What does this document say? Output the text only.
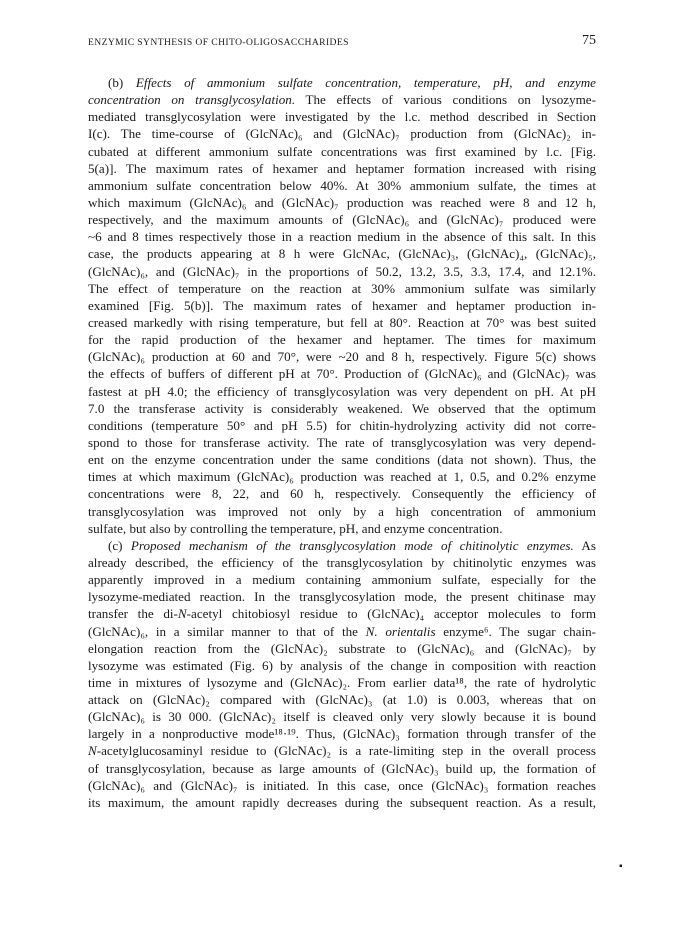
ENZYMIC SYNTHESIS OF CHITO-OLIGOSACCHARIDES	75
(b) Effects of ammonium sulfate concentration, temperature, pH, and enzyme
concentration on transglycosylation. The effects of various conditions on lysozyme-
mediated transglycosylation were investigated by the l.c. method described in Section
I(c). The time-course of (GlcNAc)₆ and (GlcNAc)₇ production from (GlcNAc)₂ in-
cubated at different ammonium sulfate concentrations was first examined by l.c. [Fig.
5(a)]. The maximum rates of hexamer and heptamer formation increased with rising
ammonium sulfate concentration below 40%. At 30% ammonium sulfate, the times at
which maximum (GlcNAc)₆ and (GlcNAc)₇ production was reached were 8 and 12 h,
respectively, and the maximum amounts of (GlcNAc)₆ and (GlcNAc)₇ produced were
~6 and 8 times respectively those in a reaction medium in the absence of this salt. In this
case, the products appearing at 8 h were GlcNAc, (GlcNAc)₃, (GlcNAc)₄, (GlcNAc)₅,
(GlcNAc)₆, and (GlcNAc)₇ in the proportions of 50.2, 13.2, 3.5, 3.3, 17.4, and 12.1%.
The effect of temperature on the reaction at 30% ammonium sulfate was similarly
examined [Fig. 5(b)]. The maximum rates of hexamer and heptamer production in-
creased markedly with rising temperature, but fell at 80°. Reaction at 70° was best suited
for the rapid production of the hexamer and heptamer. The times for maximum
(GlcNAc)₆ production at 60 and 70°, were ~20 and 8 h, respectively. Figure 5(c) shows
the effects of buffers of different pH at 70°. Production of (GlcNAc)₆ and (GlcNAc)₇ was
fastest at pH 4.0; the efficiency of transglycosylation was very dependent on pH. At pH
7.0 the transferase activity is considerably weakened. We observed that the optimum
conditions (temperature 50° and pH 5.5) for chitin-hydrolyzing activity did not corre-
spond to those for transferase activity. The rate of transglycosylation was very depend-
ent on the enzyme concentration under the same conditions (data not shown). Thus, the
times at which maximum (GlcNAc)₆ production was reached at 1, 0.5, and 0.2% enzyme
concentrations were 8, 22, and 60 h, respectively. Consequently the efficiency of
transglycosylation was improved not only by a high concentration of ammonium
sulfate, but also by controlling the temperature, pH, and enzyme concentration.
(c) Proposed mechanism of the transglycosylation mode of chitinolytic enzymes. As
already described, the efficiency of the transglycosylation by chitinolytic enzymes was
apparently improved in a medium containing ammonium sulfate, especially for the
lysozyme-mediated reaction. In the transglycosylation mode, the present chitinase may
transfer the di-N-acetyl chitobiosyl residue to (GlcNAc)₄ acceptor molecules to form
(GlcNAc)₆, in a similar manner to that of the N. orientalis enzyme⁶. The sugar chain-
elongation reaction from the (GlcNAc)₂ substrate to (GlcNAc)₆ and (GlcNAc)₇ by
lysozyme was estimated (Fig. 6) by analysis of the change in composition with reaction
time in mixtures of lysozyme and (GlcNAc)₂. From earlier data¹⁸, the rate of hydrolytic
attack on (GlcNAc)₂ compared with (GlcNAc)₃ (at 1.0) is 0.003, whereas that on
(GlcNAc)₆ is 30 000. (GlcNAc)₂ itself is cleaved only very slowly because it is bound
largely in a nonproductive mode¹⁸·¹⁹. Thus, (GlcNAc)₃ formation through transfer of the
N-acetylglucosaminyl residue to (GlcNAc)₂ is a rate-limiting step in the overall process
of transglycosylation, because as large amounts of (GlcNAc)₃ build up, the formation of
(GlcNAc)₆ and (GlcNAc)₇ is initiated. In this case, once (GlcNAc)₃ formation reaches
its maximum, the amount rapidly decreases during the subsequent reaction. As a result,
▪
